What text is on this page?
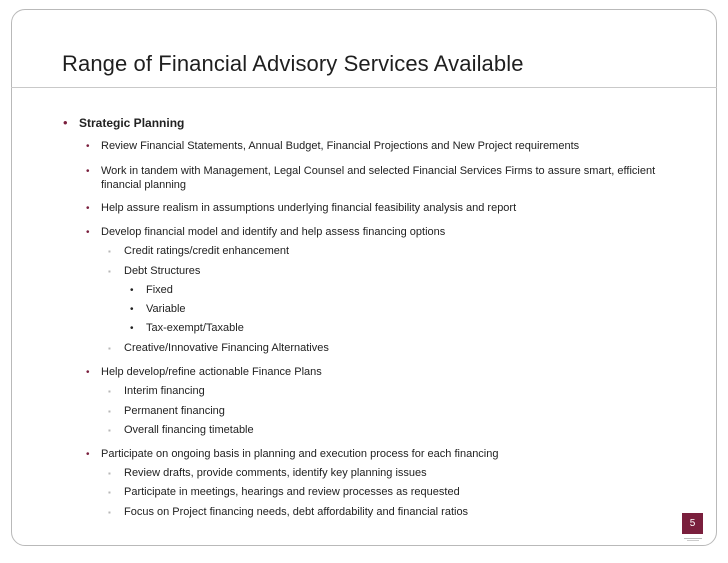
Range of Financial Advisory Services Available
• Strategic Planning
• Review Financial Statements, Annual Budget, Financial Projections and New Project requirements
• Work in tandem with Management, Legal Counsel and selected Financial Services Firms to assure smart, efficient
financial planning
• Help assure realism in assumptions underlying financial feasibility analysis and report
• Develop financial model and identify and help assess financing options
▪ Credit ratings/credit enhancement
▪ Debt Structures
• Fixed
• Variable
• Tax-exempt/Taxable
▪ Creative/Innovative Financing Alternatives
• Help develop/refine actionable Finance Plans
▪ Interim financing
▪ Permanent financing
▪ Overall financing timetable
• Participate on ongoing basis in planning and execution process for each financing
▪ Review drafts, provide comments, identify key planning issues
▪ Participate in meetings, hearings and review processes as requested
▪ Focus on Project financing needs, debt affordability and financial ratios
5
